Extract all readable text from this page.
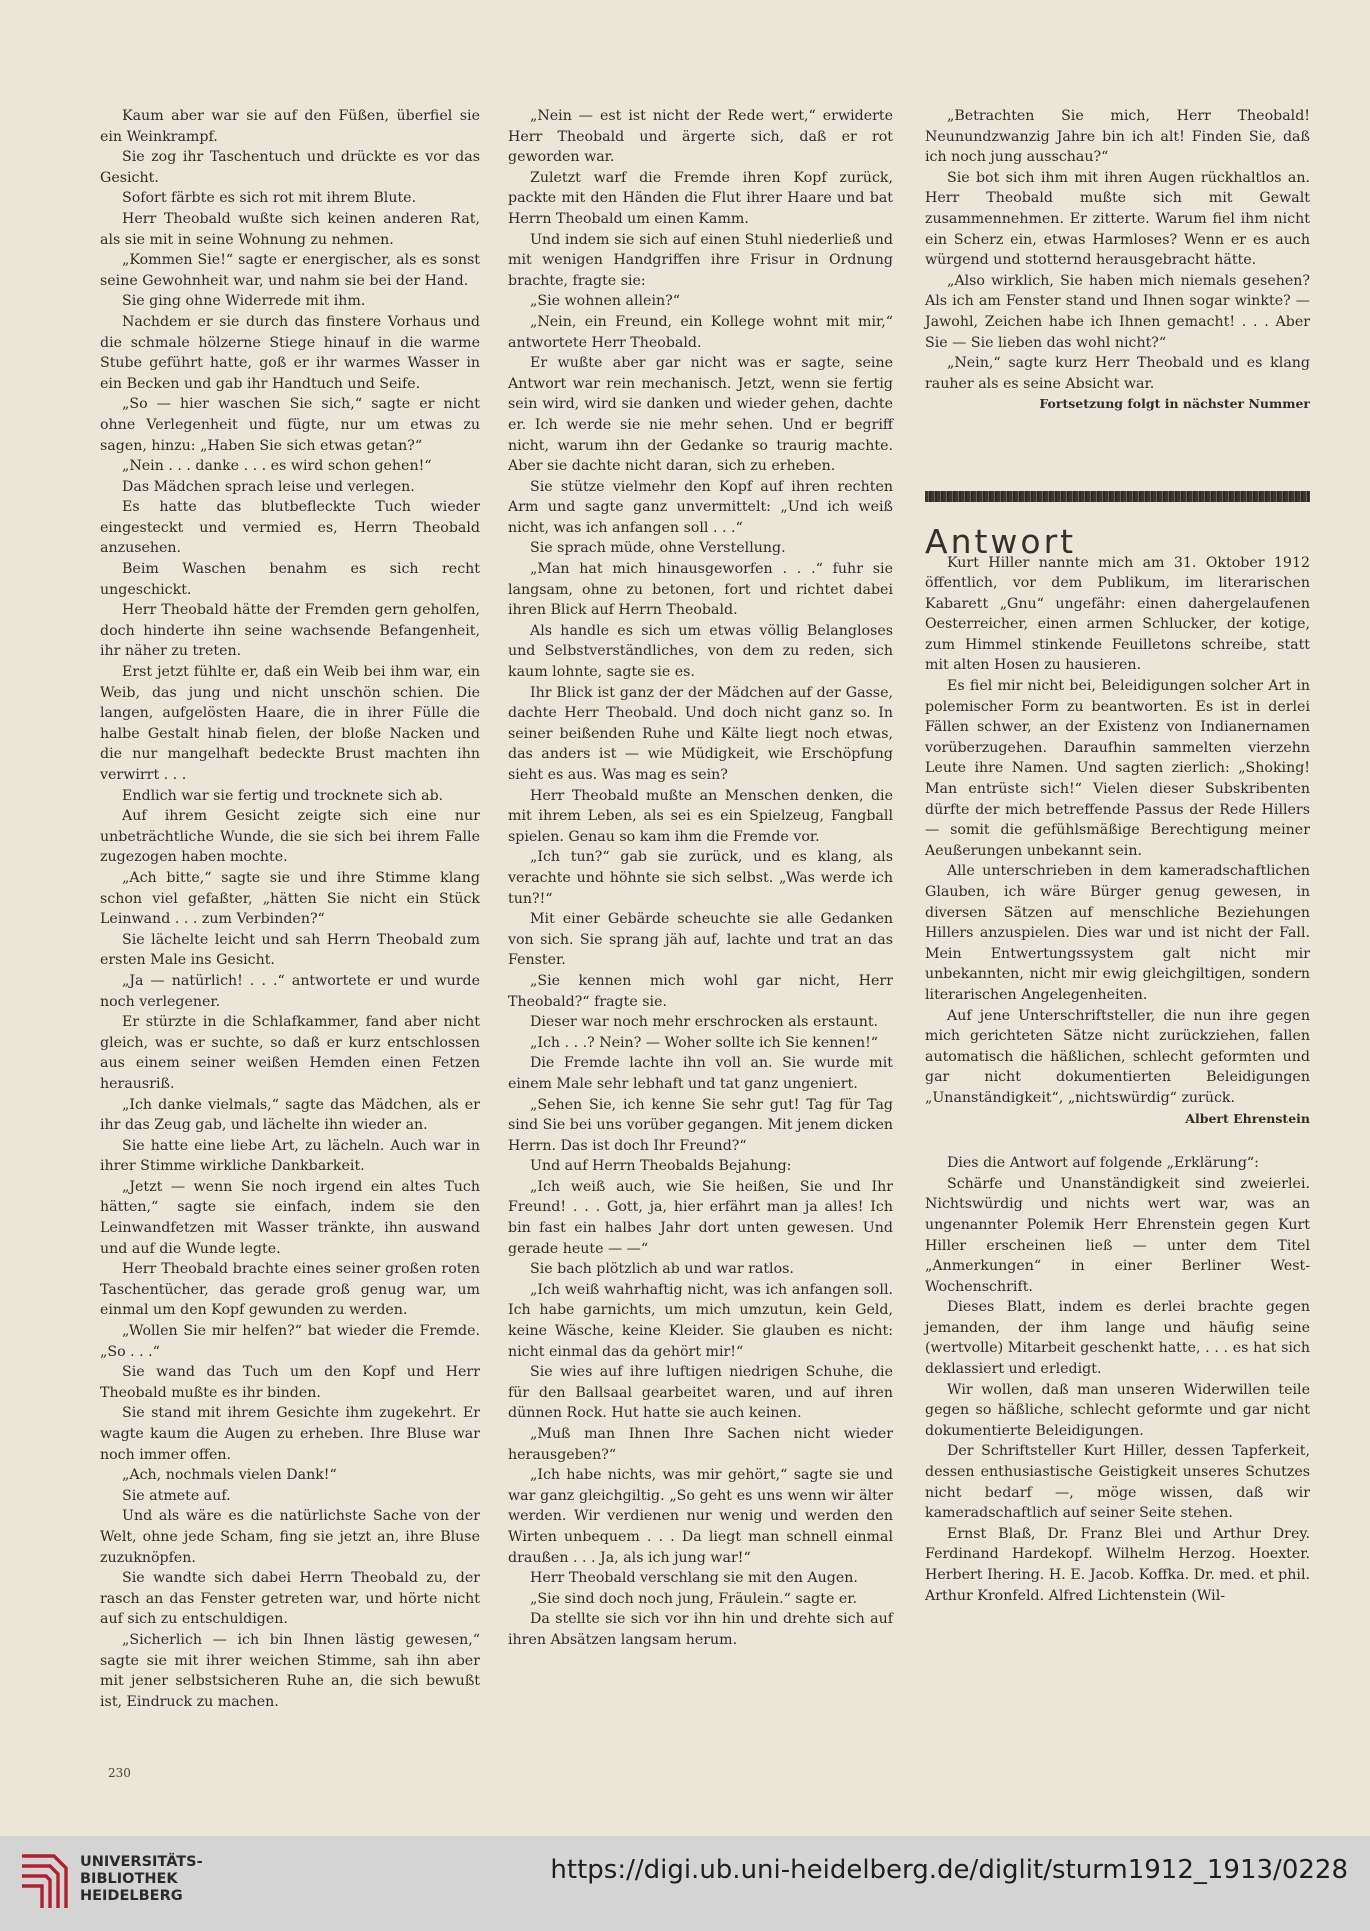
Kaum aber war sie auf den Füßen, überfiel sie ein Weinkrampf.

Sie zog ihr Taschentuch und drückte es vor das Gesicht.

Sofort färbte es sich rot mit ihrem Blute.

Herr Theobald wußte sich keinen anderen Rat, als sie mit in seine Wohnung zu nehmen.

„Kommen Sie!“ sagte er energischer, als es sonst seine Gewohnheit war, und nahm sie bei der Hand.

Sie ging ohne Widerrede mit ihm.

Nachdem er sie durch das finstere Vorhaus und die schmale hölzerne Stiege hinauf in die warme Stube geführt hatte, goß er ihr warmes Wasser in ein Becken und gab ihr Handtuch und Seife.

„So — hier waschen Sie sich,“ sagte er nicht ohne Verlegenheit und fügte, nur um etwas zu sagen, hinzu: „Haben Sie sich etwas getan?“

„Nein . . . danke . . . es wird schon gehen!“

Das Mädchen sprach leise und verlegen.

Es hatte das blutbefleckte Tuch wieder eingesteckt und vermied es, Herrn Theobald anzusehen.

Beim Waschen benahm es sich recht ungeschickt.

Herr Theobald hätte der Fremden gern geholfen, doch hinderte ihn seine wachsende Befangenheit, ihr näher zu treten.

Erst jetzt fühlte er, daß ein Weib bei ihm war, ein Weib, das jung und nicht unschön schien. Die langen, aufgelösten Haare, die in ihrer Fülle die halbe Gestalt hinab fielen, der bloße Nacken und die nur mangelhaft bedeckte Brust machten ihn verwirrt . . .

Endlich war sie fertig und trocknete sich ab.

Auf ihrem Gesicht zeigte sich eine nur unbeträchtliche Wunde, die sie sich bei ihrem Falle zugezogen haben mochte.

„Ach bitte,“ sagte sie und ihre Stimme klang schon viel gefaßter, „hätten Sie nicht ein Stück Leinwand . . . zum Verbinden?“

Sie lächelte leicht und sah Herrn Theobald zum ersten Male ins Gesicht.

„Ja — natürlich! . . .“ antwortete er und wurde noch verlegener.

Er stürzte in die Schlafkammer, fand aber nicht gleich, was er suchte, so daß er kurz entschlossen aus einem seiner weißen Hemden einen Fetzen herausriß.

„Ich danke vielmals,“ sagte das Mädchen, als er ihr das Zeug gab, und lächelte ihn wieder an.

Sie hatte eine liebe Art, zu lächeln. Auch war in ihrer Stimme wirkliche Dankbarkeit.

„Jetzt — wenn Sie noch irgend ein altes Tuch hätten,“ sagte sie einfach, indem sie den Leinwandfetzen mit Wasser tränkte, ihn auswand und auf die Wunde legte.

Herr Theobald brachte eines seiner großen roten Taschentücher, das gerade groß genug war, um einmal um den Kopf gewunden zu werden.

„Wollen Sie mir helfen?“ bat wieder die Fremde. „So . . .“

Sie wand das Tuch um den Kopf und Herr Theobald mußte es ihr binden.

Sie stand mit ihrem Gesichte ihm zugekehrt. Er wagte kaum die Augen zu erheben. Ihre Bluse war noch immer offen.

„Ach, nochmals vielen Dank!“

Sie atmete auf.

Und als wäre es die natürlichste Sache von der Welt, ohne jede Scham, fing sie jetzt an, ihre Bluse zuzuknöpfen.

Sie wandte sich dabei Herrn Theobald zu, der rasch an das Fenster getreten war, und hörte nicht auf sich zu entschuldigen.

„Sicherlich — ich bin Ihnen lästig gewesen,“ sagte sie mit ihrer weichen Stimme, sah ihn aber mit jener selbstsicheren Ruhe an, die sich bewußt ist, Eindruck zu machen.

„Nein — est ist nicht der Rede wert,“ erwiderte Herr Theobald und ärgerte sich, daß er rot geworden war.

Zuletzt warf die Fremde ihren Kopf zurück, packte mit den Händen die Flut ihrer Haare und bat Herrn Theobald um einen Kamm.

Und indem sie sich auf einen Stuhl niederließ und mit wenigen Handgriffen ihre Frisur in Ordnung brachte, fragte sie:

„Sie wohnen allein?“

„Nein, ein Freund, ein Kollege wohnt mit mir,“ antwortete Herr Theobald.

Er wußte aber gar nicht was er sagte, seine Antwort war rein mechanisch. Jetzt, wenn sie fertig sein wird, wird sie danken und wieder gehen, dachte er. Ich werde sie nie mehr sehen. Und er begriff nicht, warum ihn der Gedanke so traurig machte. Aber sie dachte nicht daran, sich zu erheben.

Sie stütze vielmehr den Kopf auf ihren rechten Arm und sagte ganz unvermittelt: „Und ich weiß nicht, was ich anfangen soll . . .“

Sie sprach müde, ohne Verstellung.

„Man hat mich hinausgeworfen . . .“ fuhr sie langsam, ohne zu betonen, fort und richtet dabei ihren Blick auf Herrn Theobald.

Als handle es sich um etwas völlig Belangloses und Selbstverständliches, von dem zu reden, sich kaum lohnte, sagte sie es.

Ihr Blick ist ganz der der Mädchen auf der Gasse, dachte Herr Theobald. Und doch nicht ganz so. In seiner beißenden Ruhe und Kälte liegt noch etwas, das anders ist — wie Müdigkeit, wie Erschöpfung sieht es aus. Was mag es sein?

Herr Theobald mußte an Menschen denken, die mit ihrem Leben, als sei es ein Spielzeug, Fangball spielen. Genau so kam ihm die Fremde vor.

„Ich tun?“ gab sie zurück, und es klang, als verachte und höhnte sie sich selbst. „Was werde ich tun?!“

Mit einer Gebärde scheuchte sie alle Gedanken von sich. Sie sprang jäh auf, lachte und trat an das Fenster.

„Sie kennen mich wohl gar nicht, Herr Theobald?“ fragte sie.

Dieser war noch mehr erschrocken als erstaunt.

„Ich . . .? Nein? — Woher sollte ich Sie kennen!“

Die Fremde lachte ihn voll an. Sie wurde mit einem Male sehr lebhaft und tat ganz ungeniert.

„Sehen Sie, ich kenne Sie sehr gut! Tag für Tag sind Sie bei uns vorüber gegangen. Mit jenem dicken Herrn. Das ist doch Ihr Freund?“

Und auf Herrn Theobalds Bejahung:

„Ich weiß auch, wie Sie heißen, Sie und Ihr Freund! . . . Gott, ja, hier erfährt man ja alles! Ich bin fast ein halbes Jahr dort unten gewesen. Und gerade heute — —“

Sie bach plötzlich ab und war ratlos.

„Ich weiß wahrhaftig nicht, was ich anfangen soll. Ich habe garnichts, um mich umzutun, kein Geld, keine Wäsche, keine Kleider. Sie glauben es nicht: nicht einmal das da gehört mir!“

Sie wies auf ihre luftigen niedrigen Schuhe, die für den Ballsaal gearbeitet waren, und auf ihren dünnen Rock. Hut hatte sie auch keinen.

„Muß man Ihnen Ihre Sachen nicht wieder herausgeben?“

„Ich habe nichts, was mir gehört,“ sagte sie und war ganz gleichgiltig. „So geht es uns wenn wir älter werden. Wir verdienen nur wenig und werden den Wirten unbequem . . . Da liegt man schnell einmal draußen . . . Ja, als ich jung war!“

Herr Theobald verschlang sie mit den Augen.

„Sie sind doch noch jung, Fräulein.“ sagte er.

Da stellte sie sich vor ihn hin und drehte sich auf ihren Absätzen langsam herum.

„Betrachten Sie mich, Herr Theobald! Neunundzwanzig Jahre bin ich alt! Finden Sie, daß ich noch jung ausschau?“

Sie bot sich ihm mit ihren Augen rückhaltlos an. Herr Theobald mußte sich mit Gewalt zusammennehmen. Er zitterte. Warum fiel ihm nicht ein Scherz ein, etwas Harmloses? Wenn er es auch würgend und stotternd herausgebracht hätte.

„Also wirklich, Sie haben mich niemals gesehen? Als ich am Fenster stand und Ihnen sogar winkte? — Jawohl, Zeichen habe ich Ihnen gemacht! . . . Aber Sie — Sie lieben das wohl nicht?“

„Nein,“ sagte kurz Herr Theobald und es klang rauher als es seine Absicht war.

Fortsetzung folgt in nächster Nummer

Antwort

Kurt Hiller nannte mich am 31. Oktober 1912 öffentlich, vor dem Publikum, im literarischen Kabarett „Gnu“ ungefähr: einen dahergelaufenen Oesterreicher, einen armen Schlucker, der kotige, zum Himmel stinkende Feuilletons schreibe, statt mit alten Hosen zu hausieren.

Es fiel mir nicht bei, Beleidigungen solcher Art in polemischer Form zu beantworten. Es ist in derlei Fällen schwer, an der Existenz von Indianernamen vorüberzugehen. Daraufhin sammelten vierzehn Leute ihre Namen. Und sagten zierlich: „Shoking! Man entrüste sich!“ Vielen dieser Subskribenten dürfte der mich betreffende Passus der Rede Hillers — somit die gefühlsmäßige Berechtigung meiner Aeußerungen unbekannt sein.

Alle unterschrieben in dem kameradschaftlichen Glauben, ich wäre Bürger genug gewesen, in diversen Sätzen auf menschliche Beziehungen Hillers anzuspielen. Dies war und ist nicht der Fall. Mein Entwertungssystem galt nicht mir unbekannten, nicht mir ewig gleichgiltigen, sondern literarischen Angelegenheiten.

Auf jene Unterschriftsteller, die nun ihre gegen mich gerichteten Sätze nicht zurückziehen, fallen automatisch die häßlichen, schlecht geformten und gar nicht dokumentierten Beleidigungen „Unanständigkeit“, „nichtswürdig“ zurück.

Albert Ehrenstein

Dies die Antwort auf folgende „Erklärung“:

Schärfe und Unanständigkeit sind zweierlei. Nichtswürdig und nichts wert war, was an ungenannter Polemik Herr Ehrenstein gegen Kurt Hiller erscheinen ließ — unter dem Titel „Anmerkungen“ in einer Berliner West-Wochenschrift.

Dieses Blatt, indem es derlei brachte gegen jemanden, der ihm lange und häufig seine (wertvolle) Mitarbeit geschenkt hatte, . . . es hat sich deklassiert und erledigt.

Wir wollen, daß man unseren Widerwillen teile gegen so häßliche, schlecht geformte und gar nicht dokumentierte Beleidigungen.

Der Schriftsteller Kurt Hiller, dessen Tapferkeit, dessen enthusiastische Geistigkeit unseres Schutzes nicht bedarf —, möge wissen, daß wir kameradschaftlich auf seiner Seite stehen.

Ernst Blaß, Dr. Franz Blei und Arthur Drey. Ferdinand Hardekopf. Wilhelm Herzog. Hoexter. Herbert Ihering. H. E. Jacob. Koffka. Dr. med. et phil. Arthur Kronfeld. Alfred Lichtenstein (Wil-

230
UNIVERSITÄTS-
BIBLIOTHEK
HEIDELBERG
https://digi.ub.uni-heidelberg.de/diglit/sturm1912_1913/0228
